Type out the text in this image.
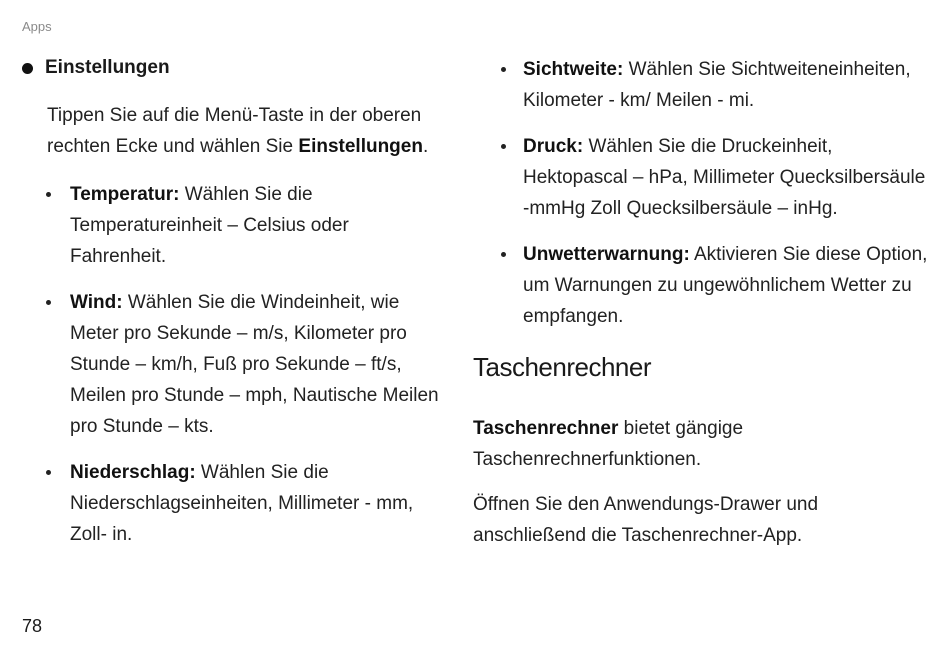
Apps
Einstellungen

Tippen Sie auf die Menü-Taste in der oberen rechten Ecke und wählen Sie Einstellungen.

Temperatur: Wählen Sie die Temperatureinheit – Celsius oder Fahrenheit.
Wind: Wählen Sie die Windeinheit, wie Meter pro Sekunde – m/s, Kilometer pro Stunde – km/h, Fuß pro Sekunde – ft/s, Meilen pro Stunde – mph, Nautische Meilen pro Stunde – kts.
Niederschlag: Wählen Sie die Niederschlagseinheiten, Millimeter - mm, Zoll- in.
Sichtweite: Wählen Sie Sichtweiteneinheiten, Kilometer - km/ Meilen - mi.
Druck: Wählen Sie die Druckeinheit, Hektopascal – hPa, Millimeter Quecksilbersäule -mmHg Zoll Quecksilbersäule – inHg.
Unwetterwarnung: Aktivieren Sie diese Option, um Warnungen zu ungewöhnlichem Wetter zu empfangen.
Taschenrechner

Taschenrechner bietet gängige Taschenrechnerfunktionen.

Öffnen Sie den Anwendungs-Drawer und anschließend die Taschenrechner-App.

78
